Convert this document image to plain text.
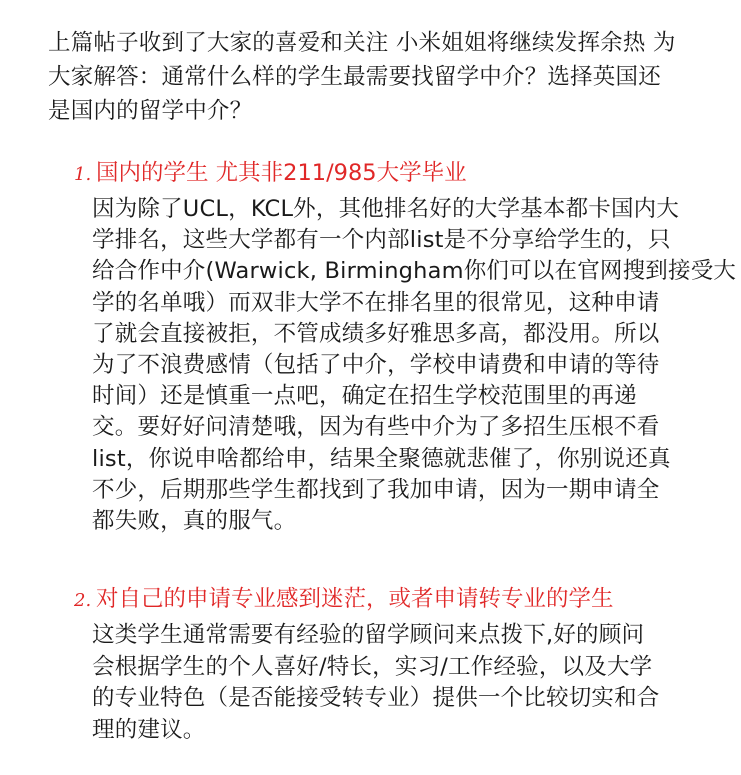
上篇帖子收到了大家的喜爱和关注 小米姐姐将继续发挥余热 为
大家解答：通常什么样的学生最需要找留学中介？选择英国还
是国内的留学中介？
1. 国内的学生 尤其非211/985大学毕业
因为除了UCL，KCL外，其他排名好的大学基本都卡国内大
学排名，这些大学都有一个内部list是不分享给学生的，只
给合作中介(Warwick, Birmingham你们可以在官网搜到接受大
学的名单哦）而双非大学不在排名里的很常见，这种申请
了就会直接被拒，不管成绩多好雅思多高，都没用。所以
为了不浪费感情（包括了中介，学校申请费和申请的等待
时间）还是慎重一点吧，确定在招生学校范围里的再递
交。要好好问清楚哦，因为有些中介为了多招生压根不看
list，你说申啥都给申，结果全聚德就悲催了，你别说还真
不少，后期那些学生都找到了我加申请，因为一期申请全
都失败，真的服气。
2. 对自己的申请专业感到迷茫，或者申请转专业的学生
这类学生通常需要有经验的留学顾问来点拨下,好的顾问
会根据学生的个人喜好/特长，实习/工作经验，以及大学
的专业特色（是否能接受转专业）提供一个比较切实和合
理的建议。
